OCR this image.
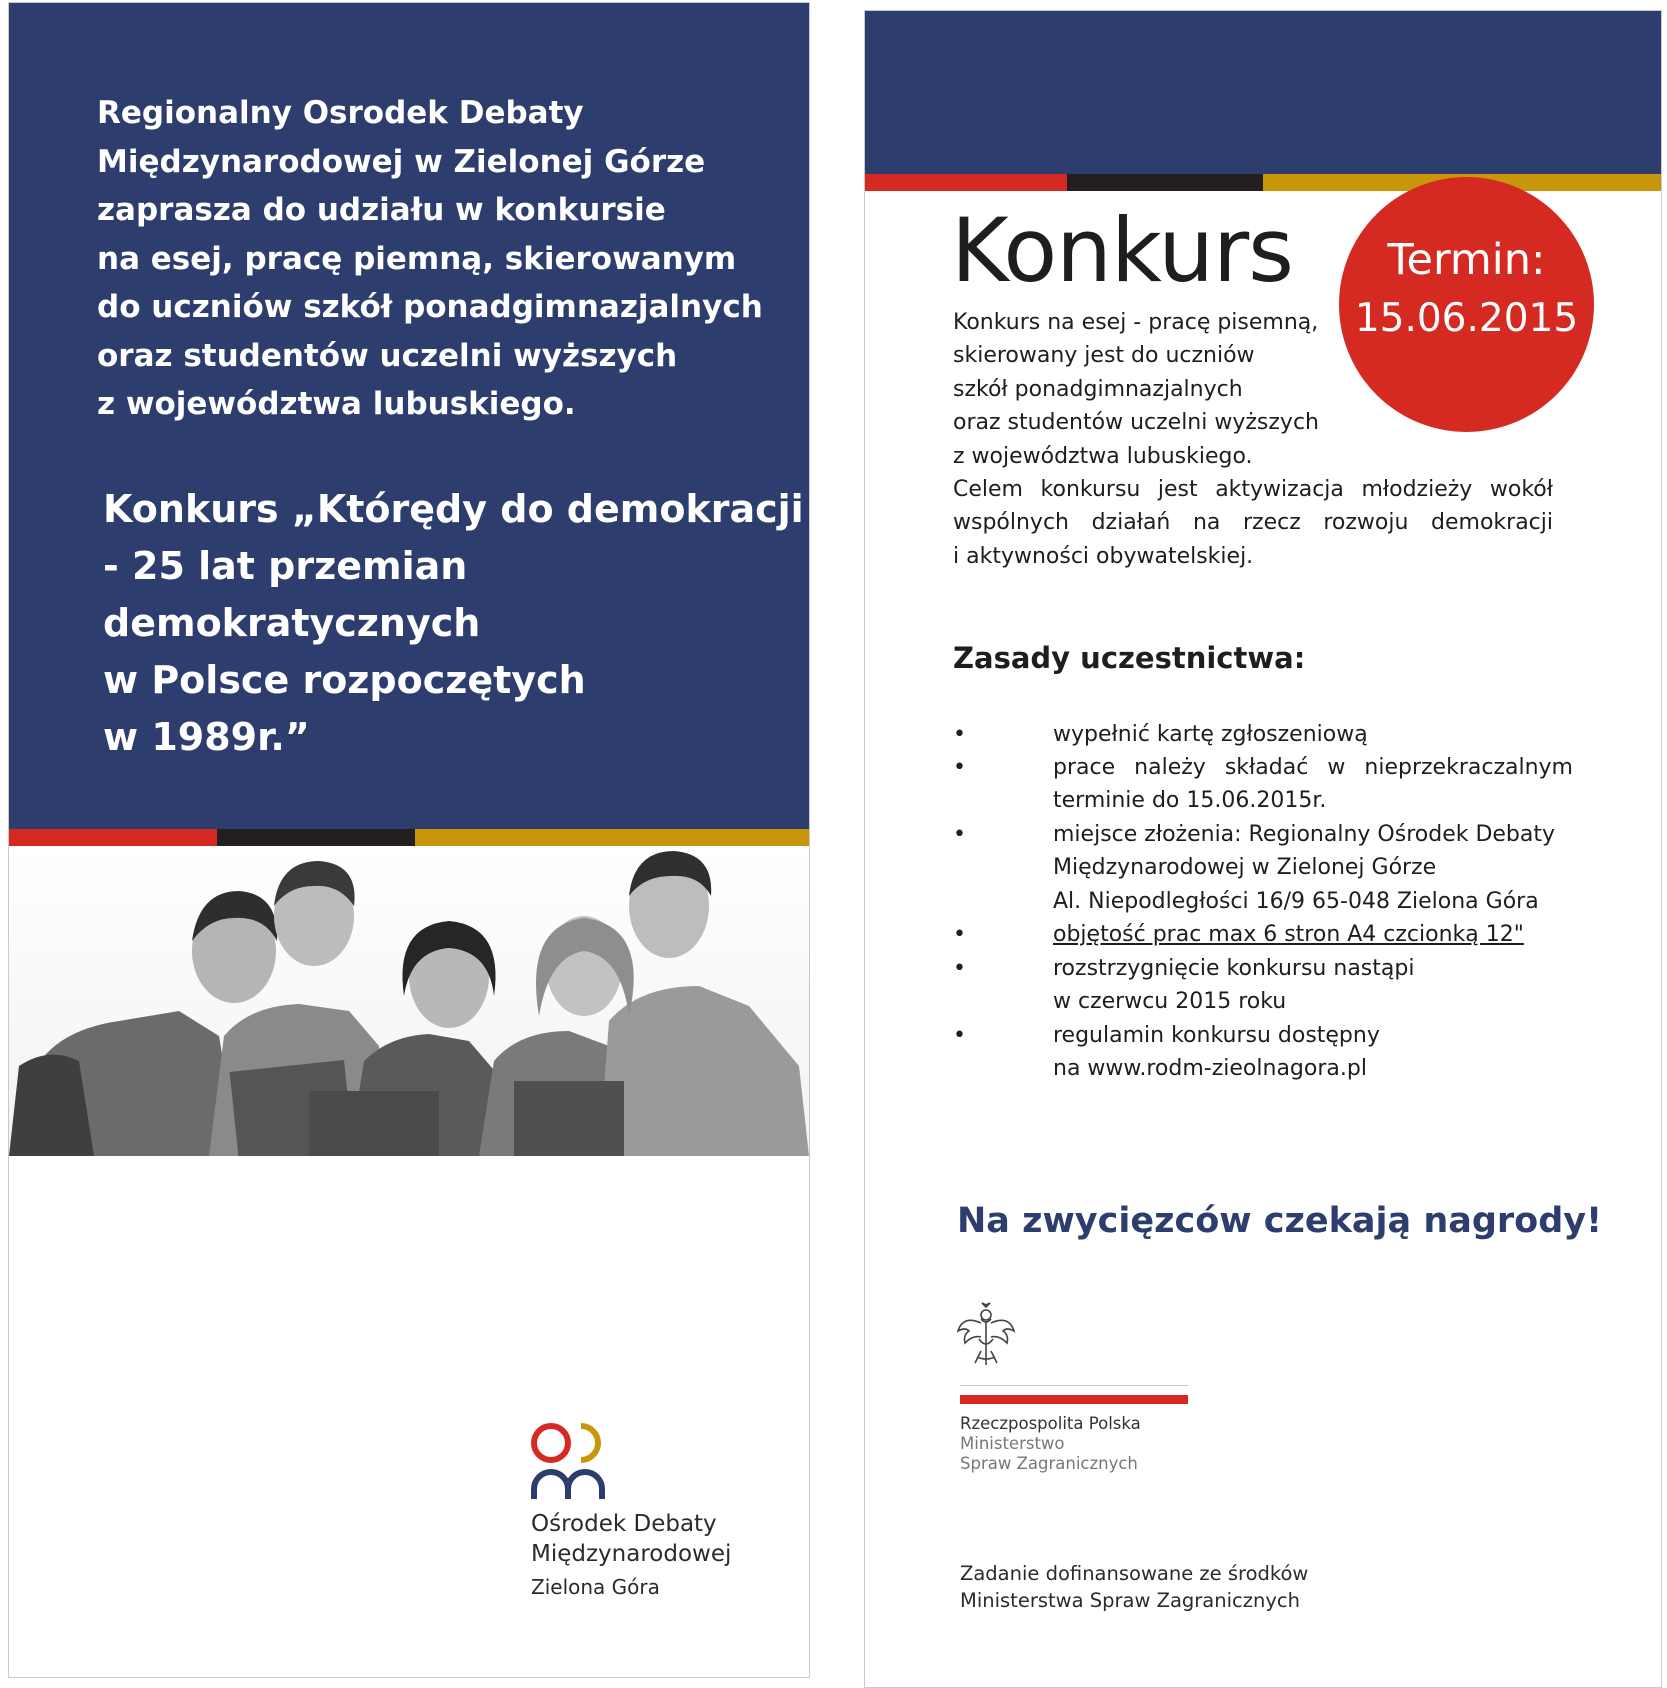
Regionalny Osrodek Debaty
Międzynarodowej w Zielonej Górze
zaprasza do udziału w konkursie
na esej, pracę piemną, skierowanym
do uczniów szkół ponadgimnazjalnych
oraz studentów uczelni wyższych
z województwa lubuskiego.
Konkurs „Którędy do demokracji
- 25 lat przemian
demokratycznych
w Polsce rozpoczętych
w 1989r.”
Ośrodek Debaty
Międzynarodowej
Zielona Góra
Konkurs	Termin:
15.06.2015
Konkurs na esej - pracę pisemną,
skierowany jest do uczniów
szkół ponadgimnazjalnych
oraz studentów uczelni wyższych
z województwa lubuskiego.
Celem konkursu jest aktywizacja młodzieży wokół
wspólnych działań na rzecz rozwoju demokracji
i aktywności obywatelskiej.
Zasady uczestnictwa:
•	wypełnić kartę zgłoszeniową
•	prace należy składać w nieprzekraczalnym
terminie do 15.06.2015r.
•	miejsce złożenia: Regionalny Ośrodek Debaty
Międzynarodowej w Zielonej Górze
Al. Niepodległości 16/9 65-048 Zielona Góra
•	objętość prac max 6 stron A4 czcionką 12"
•	rozstrzygnięcie konkursu nastąpi
w czerwcu 2015 roku
•	regulamin konkursu dostępny
na www.rodm-zieolnagora.pl
Na zwycięzców czekają nagrody!
Rzeczpospolita Polska
Ministerstwo
Spraw Zagranicznych
Zadanie dofinansowane ze środków
Ministerstwa Spraw Zagranicznych
